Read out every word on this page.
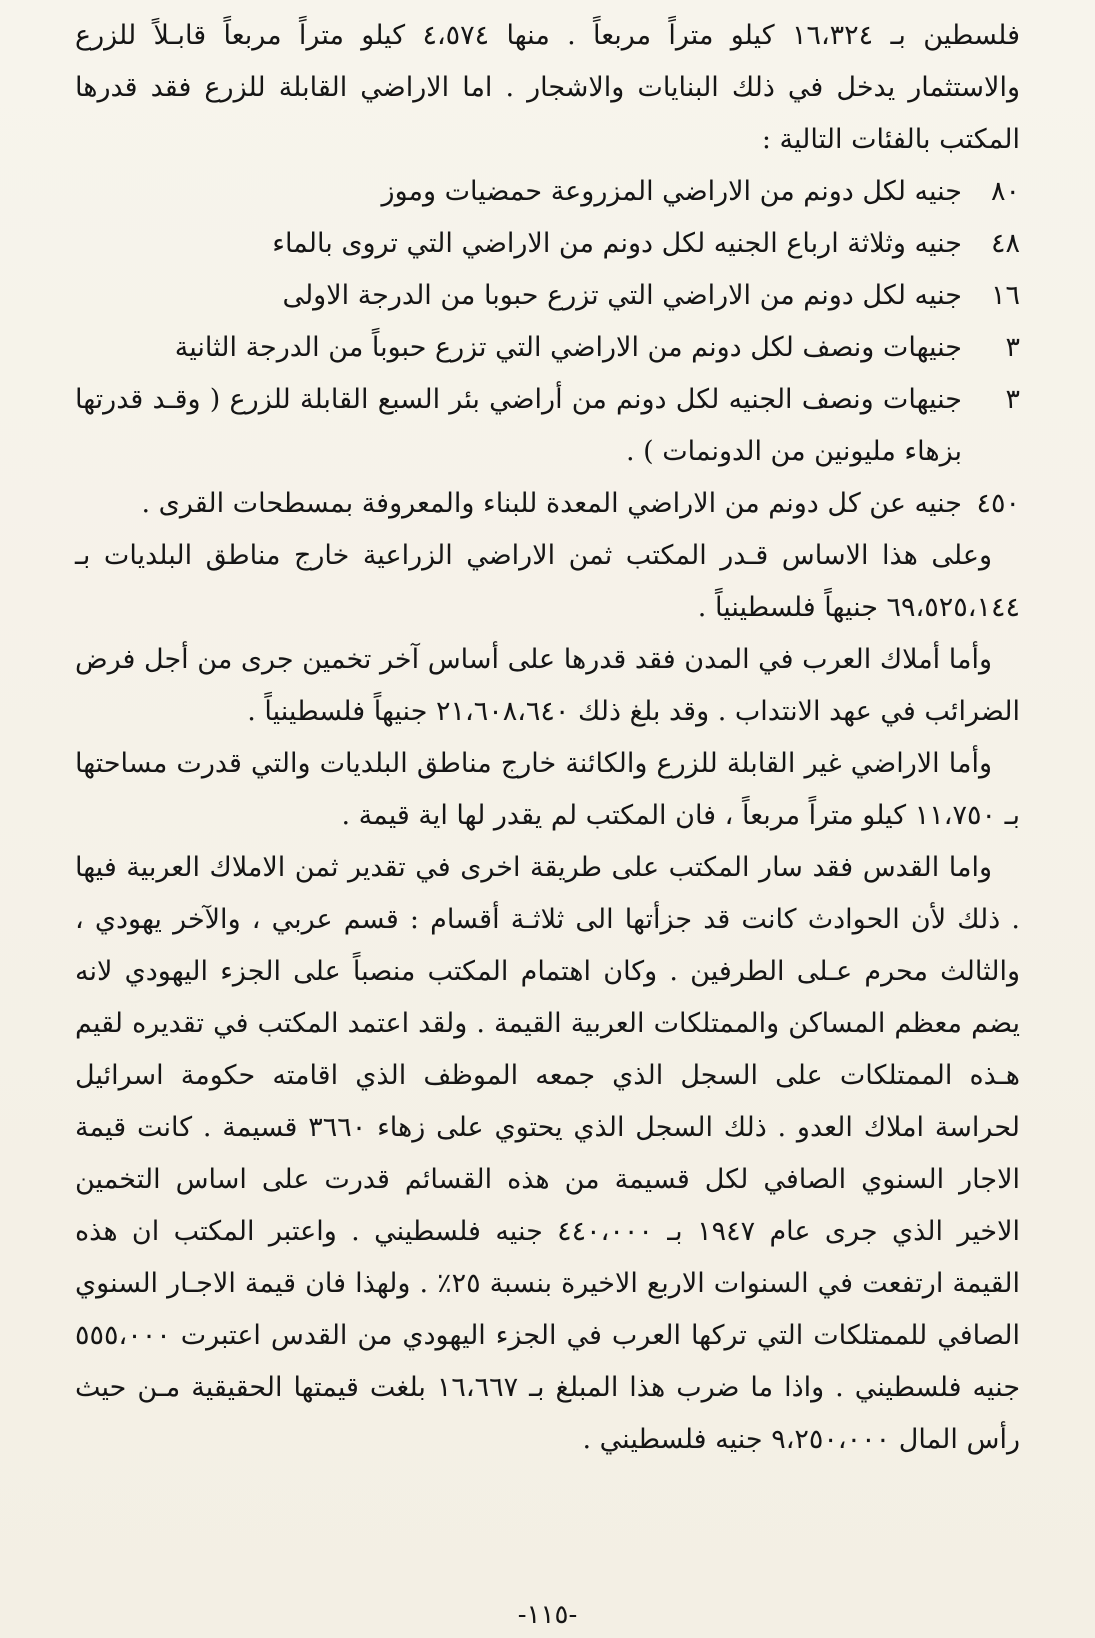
فلسطين بـ ١٦،٣٢٤ كيلو متراً مربعاً . منها ٤،٥٧٤ كيلو متراً مربعاً قابـلاً للزرع والاستثمار يدخل في ذلك البنايات والاشجار . اما الاراضي القابلة للزرع فقد قدرها المكتب بالفئات التالية :

٨٠
جنيه لكل دونم من الاراضي المزروعة حمضيات وموز
٤٨
جنيه وثلاثة ارباع الجنيه لكل دونم من الاراضي التي تروى بالماء
١٦
جنيه لكل دونم من الاراضي التي تزرع حبوبا من الدرجة الاولى
٣
جنيهات ونصف لكل دونم من الاراضي التي تزرع حبوباً من الدرجة الثانية
٣
جنيهات ونصف الجنيه لكل دونم من أراضي بئر السبع القابلة للزرع ( وقـد قدرتها بزهاء مليونين من الدونمات ) .
٤٥٠
جنيه عن كل دونم من الاراضي المعدة للبناء والمعروفة بمسطحات القرى .

وعلى هذا الاساس قـدر المكتب ثمن الاراضي الزراعية خارج مناطق البلديات بـ ٦٩،٥٢٥،١٤٤ جنيهاً فلسطينياً .

وأما أملاك العرب في المدن فقد قدرها على أساس آخر تخمين جرى من أجل فرض الضرائب في عهد الانتداب . وقد بلغ ذلك ٢١،٦٠٨،٦٤٠ جنيهاً فلسطينياً .

وأما الاراضي غير القابلة للزرع والكائنة خارج مناطق البلديات والتي قدرت مساحتها بـ ١١،٧٥٠ كيلو متراً مربعاً ، فان المكتب لم يقدر لها اية قيمة .

واما القدس فقد سار المكتب على طريقة اخرى في تقدير ثمن الاملاك العربية فيها . ذلك لأن الحوادث كانت قد جزأتها الى ثلاثـة أقسام : قسم عربي ، والآخر يهودي ، والثالث محرم عـلى الطرفين . وكان اهتمام المكتب منصباً على الجزء اليهودي لانه يضم معظم المساكن والممتلكات العربية القيمة . ولقد اعتمد المكتب في تقديره لقيم هـذه الممتلكات على السجل الذي جمعه الموظف الذي اقامته حكومة اسرائيل لحراسة املاك العدو . ذلك السجل الذي يحتوي على زهاء ٣٦٦٠ قسيمة . كانت قيمة الاجار السنوي الصافي لكل قسيمة من هذه القسائم قدرت على اساس التخمين الاخير الذي جرى عام ١٩٤٧ بـ ٤٤٠،٠٠٠ جنيه فلسطيني . واعتبر المكتب ان هذه القيمة ارتفعت في السنوات الاربع الاخيرة بنسبة ٢٥٪ . ولهذا فان قيمة الاجـار السنوي الصافي للممتلكات التي تركها العرب في الجزء اليهودي من القدس اعتبرت ٥٥٥،٠٠٠ جنيه فلسطيني . واذا ما ضرب هذا المبلغ بـ ١٦،٦٦٧ بلغت قيمتها الحقيقية مـن حيث رأس المال ٩،٢٥٠،٠٠٠ جنيه فلسطيني .

-١١٥-
